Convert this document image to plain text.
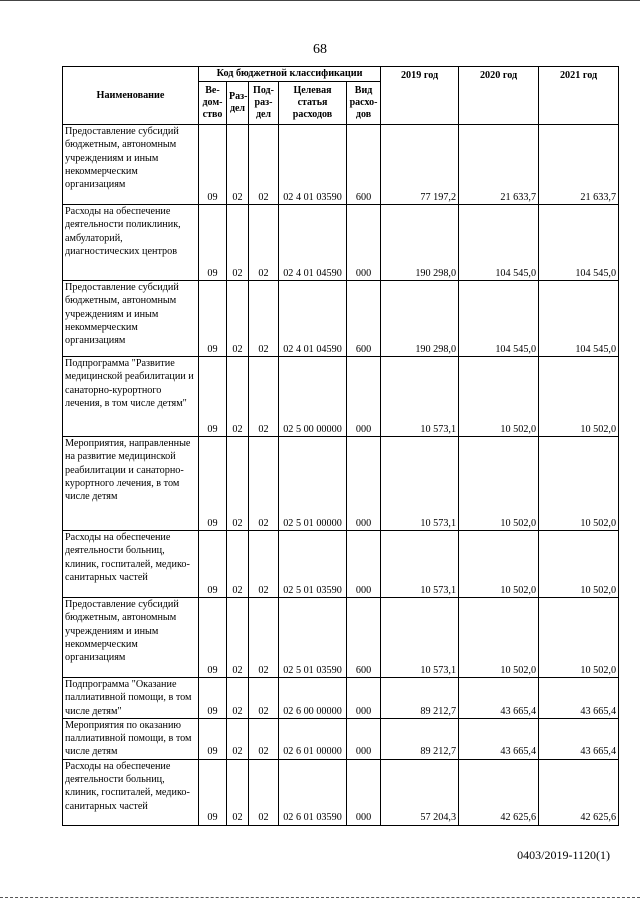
68
Наименование	Код бюджетной классификации					2019 год	2020 год	2021 год
	Ве-дом-ство	Раз-дел	Под-раз-дел	Целевая статья расходов	Вид расхо-дов			
Предоставление субсидий бюджетным, автономным учреждениям и иным некоммерческим организациям	09	02	02	02 4 01 03590	600	77 197,2	21 633,7	21 633,7
Расходы на обеспечение деятельности поликлиник, амбулаторий, диагностических центров	09	02	02	02 4 01 04590	000	190 298,0	104 545,0	104 545,0
Предоставление субсидий бюджетным, автономным учреждениям и иным некоммерческим организациям	09	02	02	02 4 01 04590	600	190 298,0	104 545,0	104 545,0
Подпрограмма "Развитие медицинской реабилитации и санаторно-курортного лечения, в том числе детям"	09	02	02	02 5 00 00000	000	10 573,1	10 502,0	10 502,0
Мероприятия, направленные на развитие медицинской реабилитации и санаторно-курортного лечения, в том числе детям	09	02	02	02 5 01 00000	000	10 573,1	10 502,0	10 502,0
Расходы на обеспечение деятельности больниц, клиник, госпиталей, медико-санитарных частей	09	02	02	02 5 01 03590	000	10 573,1	10 502,0	10 502,0
Предоставление субсидий бюджетным, автономным учреждениям и иным некоммерческим организациям	09	02	02	02 5 01 03590	600	10 573,1	10 502,0	10 502,0
Подпрограмма "Оказание паллиативной помощи, в том числе детям"	09	02	02	02 6 00 00000	000	89 212,7	43 665,4	43 665,4
Мероприятия по оказанию паллиативной помощи, в том числе детям	09	02	02	02 6 01 00000	000	89 212,7	43 665,4	43 665,4
Расходы на обеспечение деятельности больниц, клиник, госпиталей, медико-санитарных частей	09	02	02	02 6 01 03590	000	57 204,3	42 625,6	42 625,6
0403/2019-1120(1)
